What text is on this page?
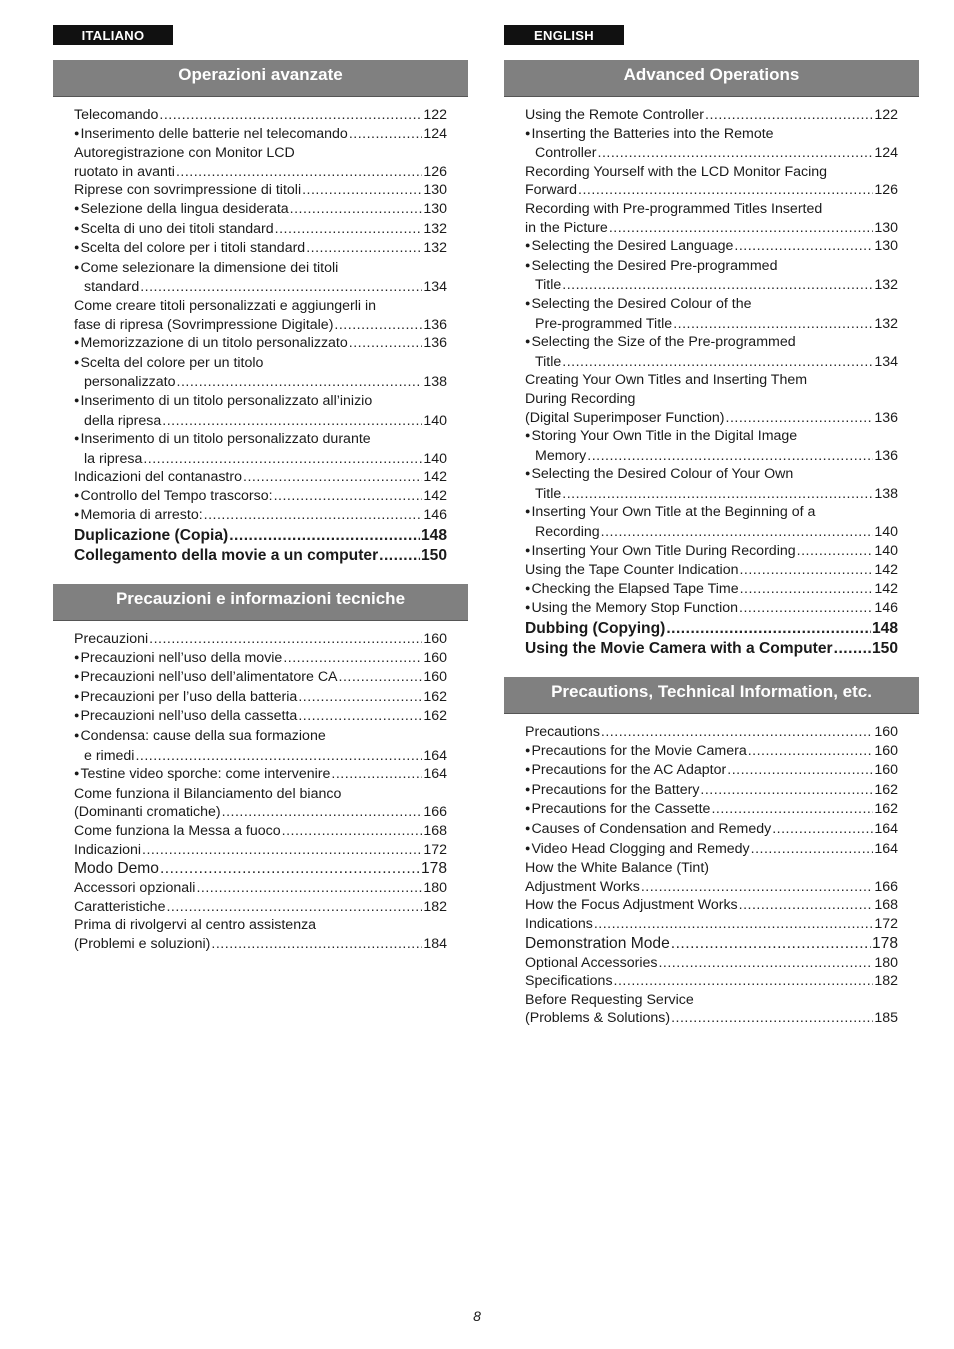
ITALIANO
Operazioni avanzate
Telecomando .....	122
● Inserimento delle batterie nel telecomando .....	124
Autoregistrazione con Monitor LCD
ruotato in avanti .....	126
Riprese con sovrimpressione di titoli .....	130
● Selezione della lingua desiderata .....	130
● Scelta di uno dei titoli standard .....	132
● Scelta del colore per i titoli standard .....	132
● Come selezionare la dimensione dei titoli
standard .....	134
Come creare titoli personalizzati e aggiungerli in
fase di ripresa (Sovrimpressione Digitale) .....	136
● Memorizzazione di un titolo personalizzato .....	136
● Scelta del colore per un titolo
personalizzato .....	138
● Inserimento di un titolo personalizzato all’inizio
della ripresa .....	140
● Inserimento di un titolo personalizzato durante
la ripresa .....	140
Indicazioni del contanastro .....	142
● Controllo del Tempo trascorso: .....	142
● Memoria di arresto: .....	146
Duplicazione (Copia) .....	148
Collegamento della movie a un computer .....	150
Precauzioni e informazioni tecniche
Precauzioni .....	160
● Precauzioni nell’uso della movie .....	160
● Precauzioni nell’uso dell’alimentatore CA .....	160
● Precauzioni per l’uso della batteria .....	162
● Precauzioni nell’uso della cassetta .....	162
● Condensa: cause della sua formazione
e rimedi .....	164
● Testine video sporche: come intervenire .....	164
Come funziona il Bilanciamento del bianco
(Dominanti cromatiche) .....	166
Come funziona la Messa a fuoco .....	168
Indicazioni .....	172
Modo Demo .....	178
Accessori opzionali .....	180
Caratteristiche .....	182
Prima di rivolgervi al centro assistenza
(Problemi e soluzioni) .....	184
ENGLISH
Advanced Operations
Using the Remote Controller .....	122
● Inserting the Batteries into the Remote
Controller .....	124
Recording Yourself with the LCD Monitor Facing
Forward .....	126
Recording with Pre-programmed Titles Inserted
in the Picture .....	130
● Selecting the Desired Language .....	130
● Selecting the Desired Pre-programmed
Title .....	132
● Selecting the Desired Colour of the
Pre-programmed Title .....	132
● Selecting the Size of the Pre-programmed
Title .....	134
Creating Your Own Titles and Inserting Them
During Recording
(Digital Superimposer Function) .....	136
● Storing Your Own Title in the Digital Image
Memory .....	136
● Selecting the Desired Colour of Your Own
Title .....	138
● Inserting Your Own Title at the Beginning of a
Recording .....	140
● Inserting Your Own Title During Recording .....	140
Using the Tape Counter Indication .....	142
● Checking the Elapsed Tape Time .....	142
● Using the Memory Stop Function .....	146
Dubbing (Copying) .....	148
Using the Movie Camera with a Computer .....	150
Precautions, Technical Information, etc.
Precautions .....	160
● Precautions for the Movie Camera .....	160
● Precautions for the AC Adaptor .....	160
● Precautions for the Battery .....	162
● Precautions for the Cassette .....	162
● Causes of Condensation and Remedy .....	164
● Video Head Clogging and Remedy .....	164
How the White Balance (Tint)
Adjustment Works .....	166
How the Focus Adjustment Works .....	168
Indications .....	172
Demonstration Mode .....	178
Optional Accessories .....	180
Specifications .....	182
Before Requesting Service
(Problems & Solutions) .....	185
8
